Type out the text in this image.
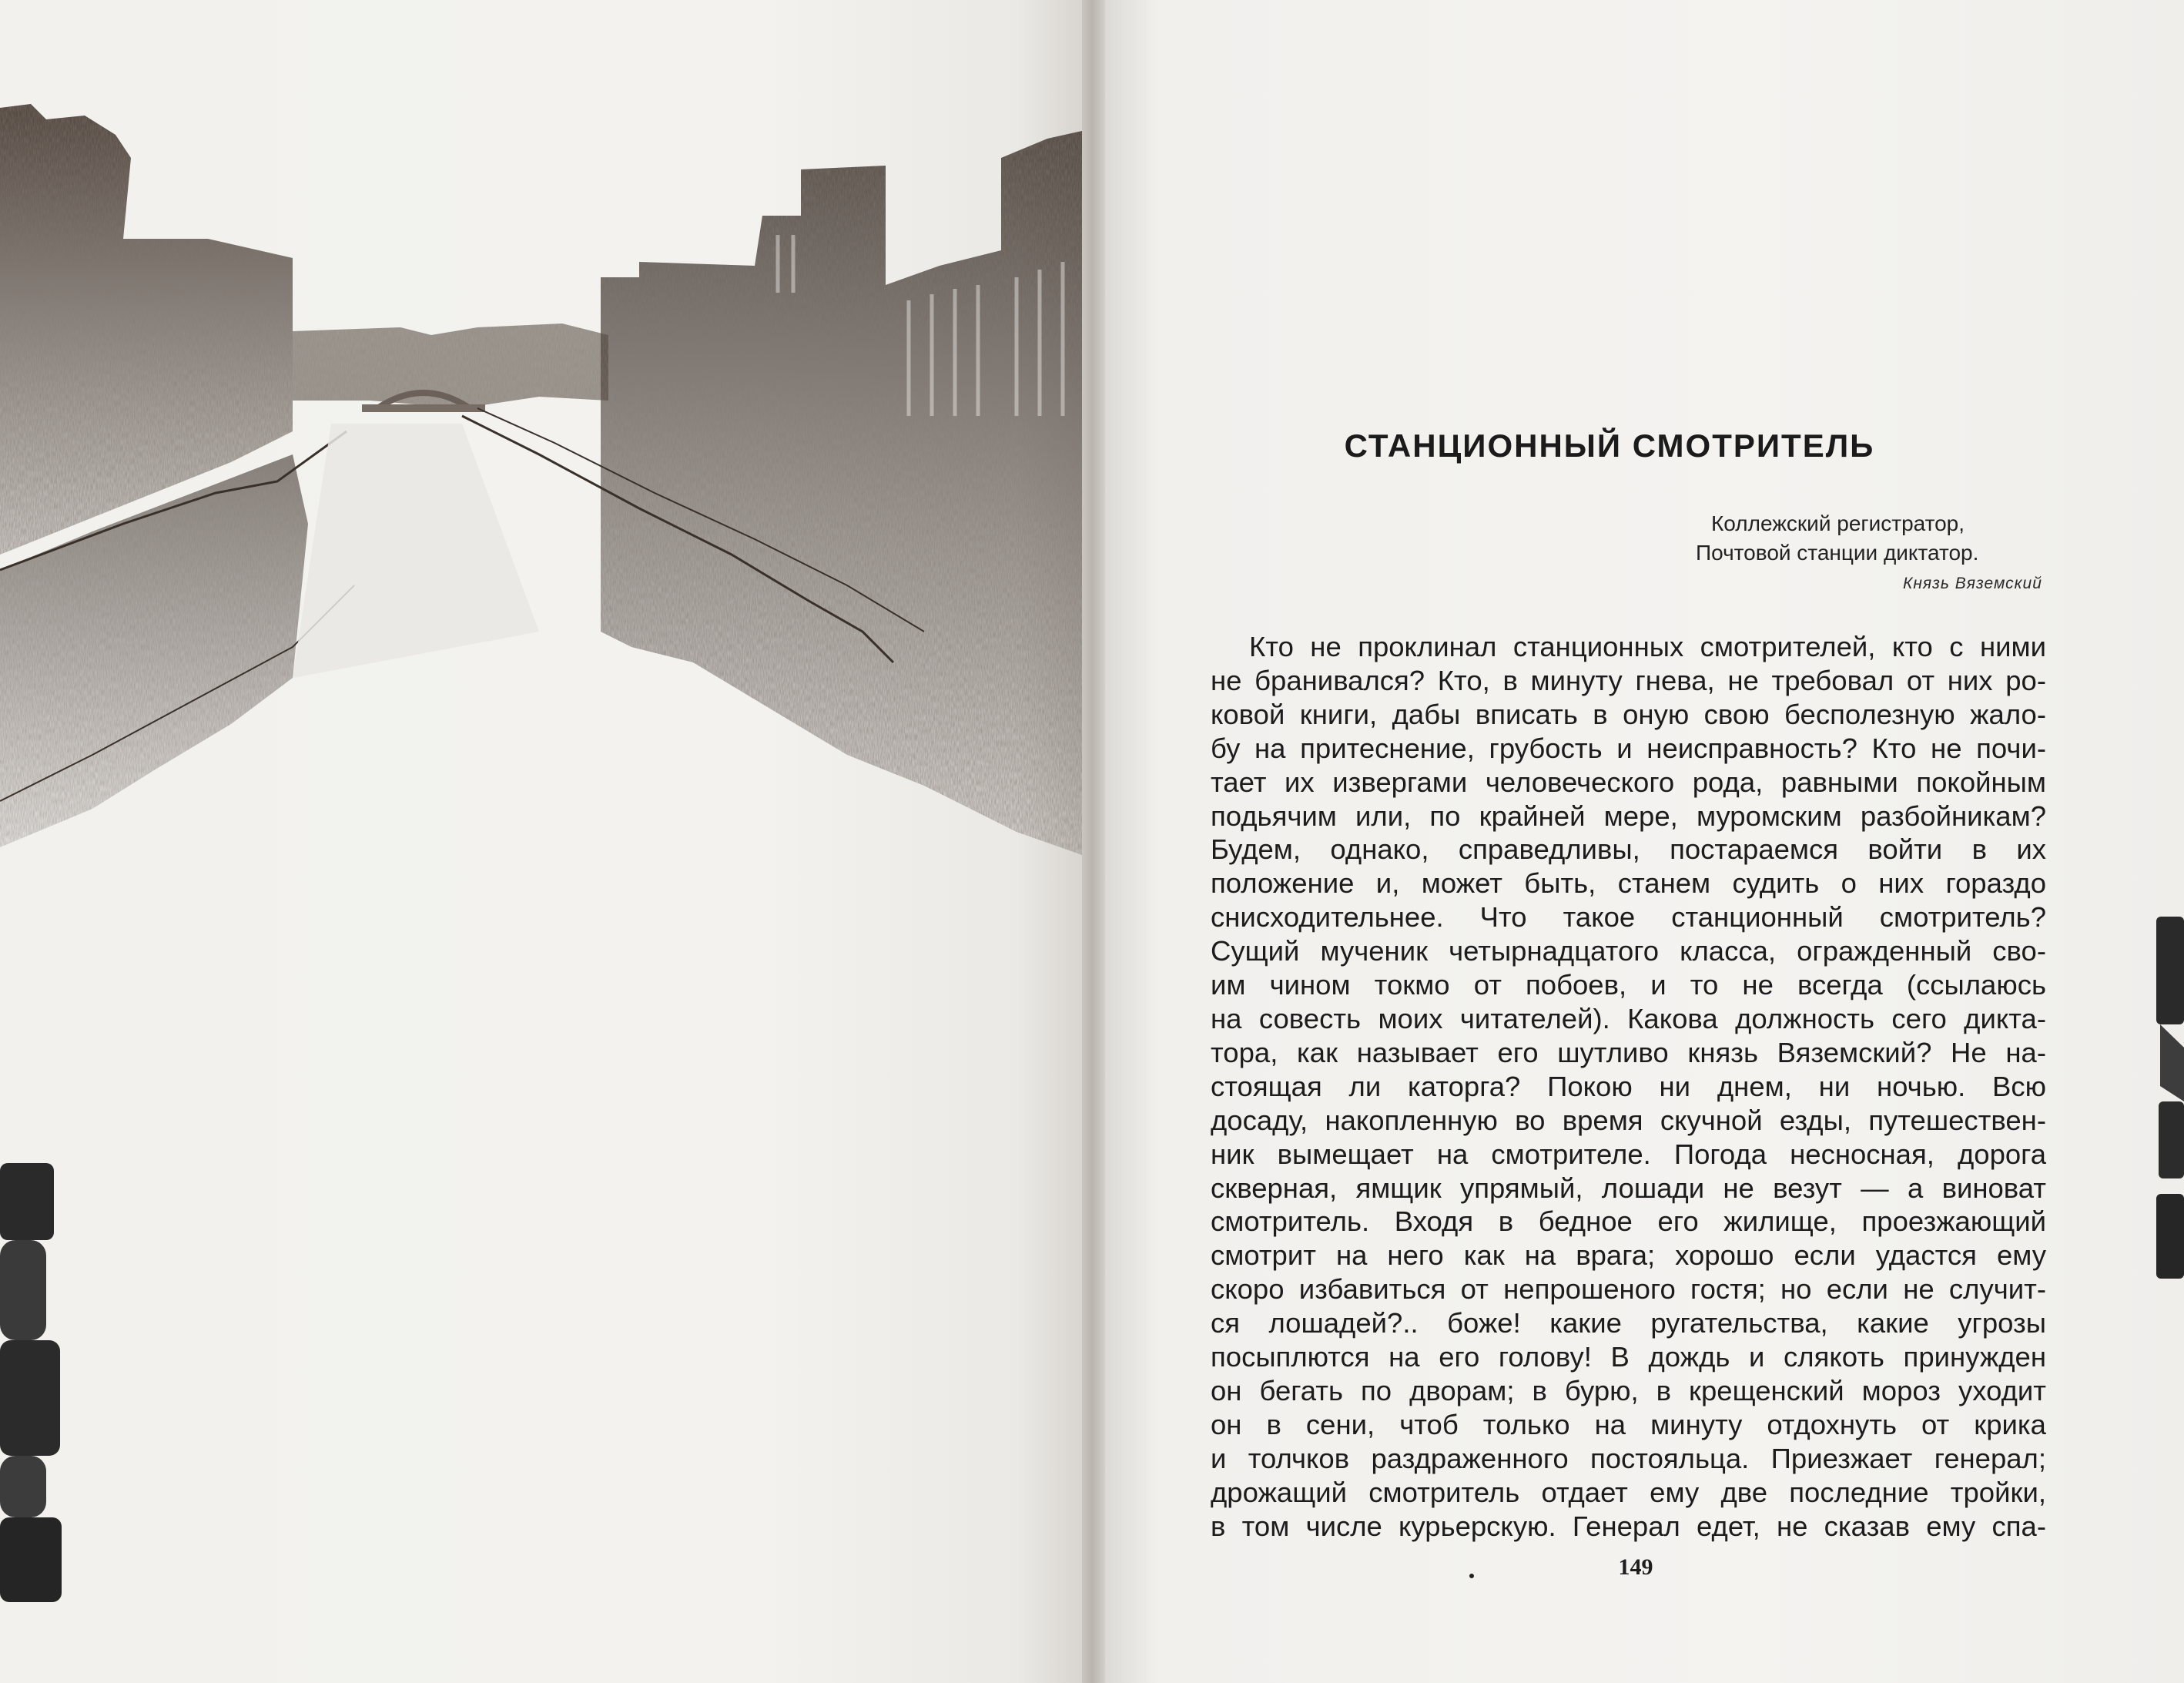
СТАНЦИОННЫЙ СМОТРИТЕЛЬ
Коллежский регистратор,
Почтовой станции диктатор.
Князь Вяземский
Кто не проклинал станционных смотрителей, кто с ними
не бранивался? Кто, в минуту гнева, не требовал от них ро-
ковой книги, дабы вписать в оную свою бесполезную жало-
бу на притеснение, грубость и неисправность? Кто не почи-
тает их извергами человеческого рода, равными покойным
подьячим или, по крайней мере, муромским разбойникам?
Будем, однако, справедливы, постараемся войти в их
положение и, может быть, станем судить о них гораздо
снисходительнее. Что такое станционный смотритель?
Сущий мученик четырнадцатого класса, огражденный сво-
им чином токмо от побоев, и то не всегда (ссылаюсь
на совесть моих читателей). Какова должность сего дикта-
тора, как называет его шутливо князь Вяземский? Не на-
стоящая ли каторга? Покою ни днем, ни ночью. Всю
досаду, накопленную во время скучной езды, путешествен-
ник вымещает на смотрителе. Погода несносная, дорога
скверная, ямщик упрямый, лошади не везут — а виноват
смотритель. Входя в бедное его жилище, проезжающий
смотрит на него как на врага; хорошо если удастся ему
скоро избавиться от непрошеного гостя; но если не случит-
ся лошадей?.. боже! какие ругательства, какие угрозы
посыплются на его голову! В дождь и слякоть принужден
он бегать по дворам; в бурю, в крещенский мороз уходит
он в сени, чтоб только на минуту отдохнуть от крика
и толчков раздраженного постояльца. Приезжает генерал;
дрожащий смотритель отдает ему две последние тройки,
в том числе курьерскую. Генерал едет, не сказав ему спа-
149
